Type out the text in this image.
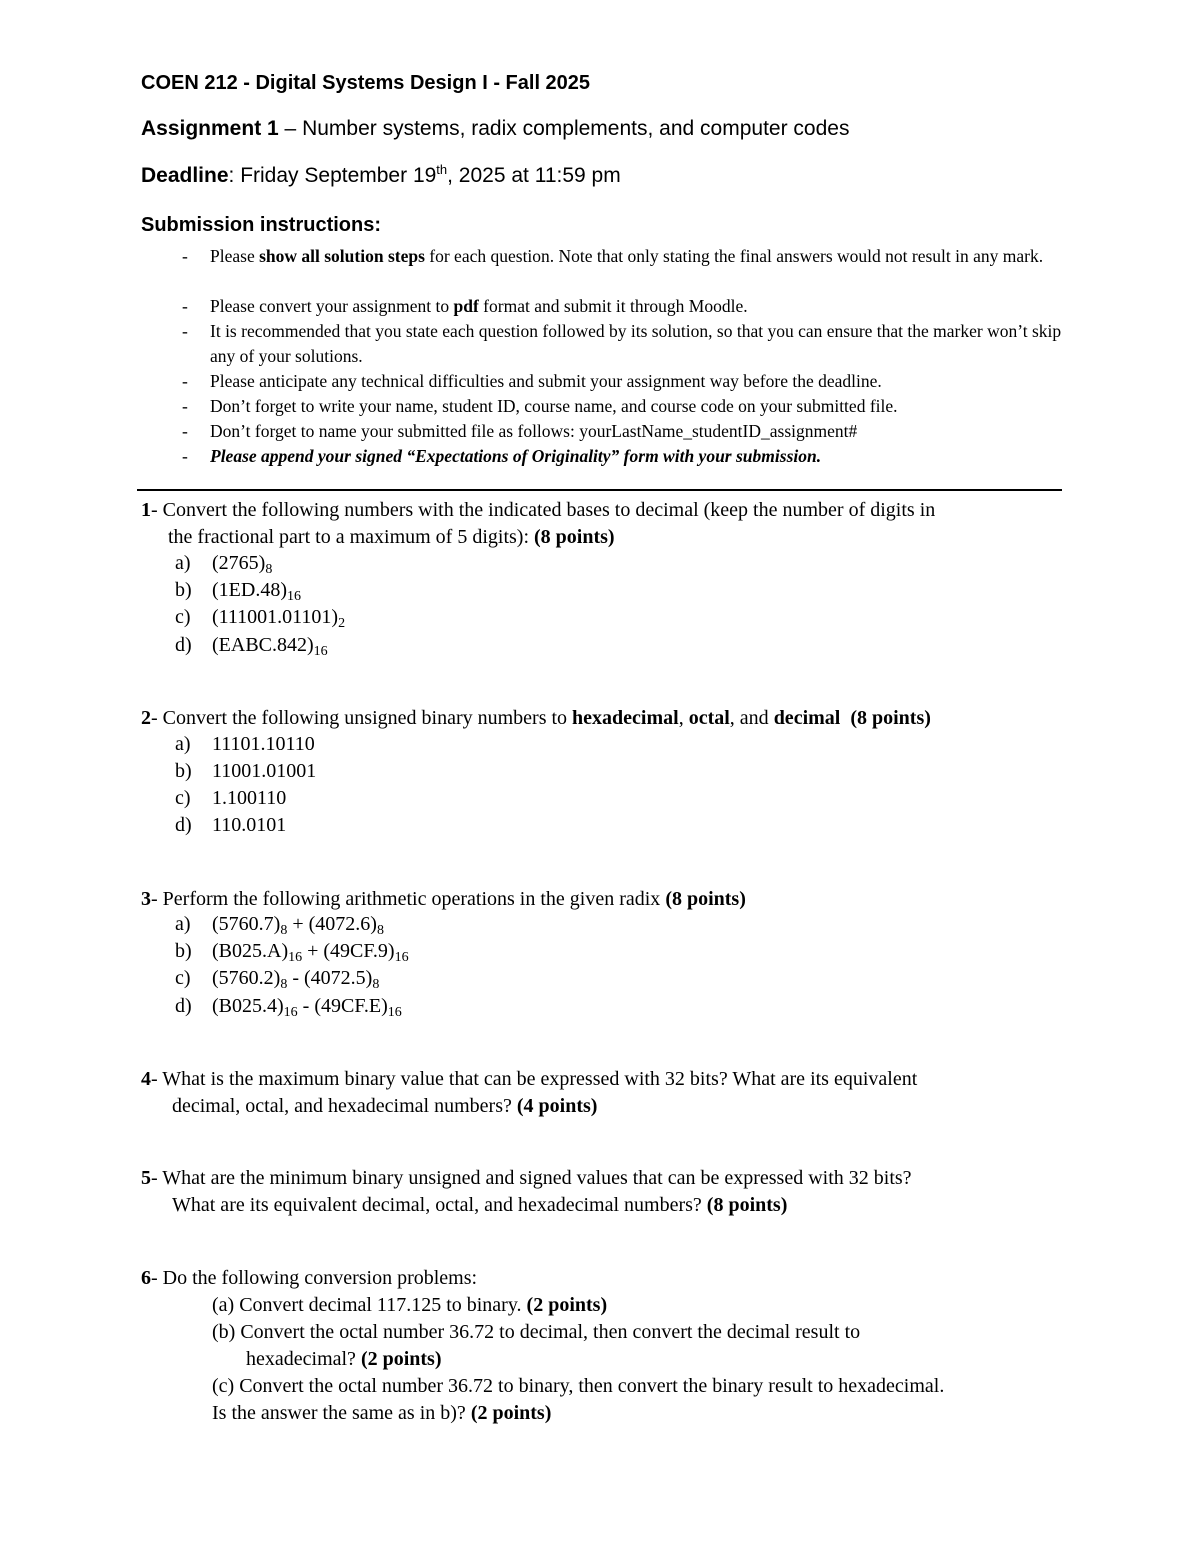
COEN 212 - Digital Systems Design I - Fall 2025
Assignment 1 – Number systems, radix complements, and computer codes
Deadline: Friday September 19th, 2025 at 11:59 pm
Submission instructions:
- Please show all solution steps for each question. Note that only stating the final answers would not result in any mark.
- Please convert your assignment to pdf format and submit it through Moodle.
- It is recommended that you state each question followed by its solution, so that you can ensure that the marker won’t skip any of your solutions.
- Please anticipate any technical difficulties and submit your assignment way before the deadline.
- Don’t forget to write your name, student ID, course name, and course code on your submitted file.
- Don’t forget to name your submitted file as follows: yourLastName_studentID_assignment#
- Please append your signed “Expectations of Originality” form with your submission.
1- Convert the following numbers with the indicated bases to decimal (keep the number of digits in
the fractional part to a maximum of 5 digits): (8 points)
a) $(2765)_8$
b) $(1ED.48)_{16}$
c) $(111001.01101)_2$
d) $(EABC.842)_{16}$
2- Convert the following unsigned binary numbers to hexadecimal, octal, and decimal (8 points)
a) 11101.10110
b) 11001.01001
c) 1.100110
d) 110.0101
3- Perform the following arithmetic operations in the given radix (8 points)
a) $(5760.7)_8 + (4072.6)_8$
b) $(B025.A)_{16} + (49CF.9)_{16}$
c) $(5760.2)_8 - (4072.5)_8$
d) $(B025.4)_{16} - (49CF.E)_{16}$
4- What is the maximum binary value that can be expressed with 32 bits? What are its equivalent
decimal, octal, and hexadecimal numbers? (4 points)
5- What are the minimum binary unsigned and signed values that can be expressed with 32 bits?
What are its equivalent decimal, octal, and hexadecimal numbers? (8 points)
6- Do the following conversion problems:
(a) Convert decimal 117.125 to binary. (2 points)
(b) Convert the octal number 36.72 to decimal, then convert the decimal result to
hexadecimal? (2 points)
(c) Convert the octal number 36.72 to binary, then convert the binary result to hexadecimal.
Is the answer the same as in b)? (2 points)
